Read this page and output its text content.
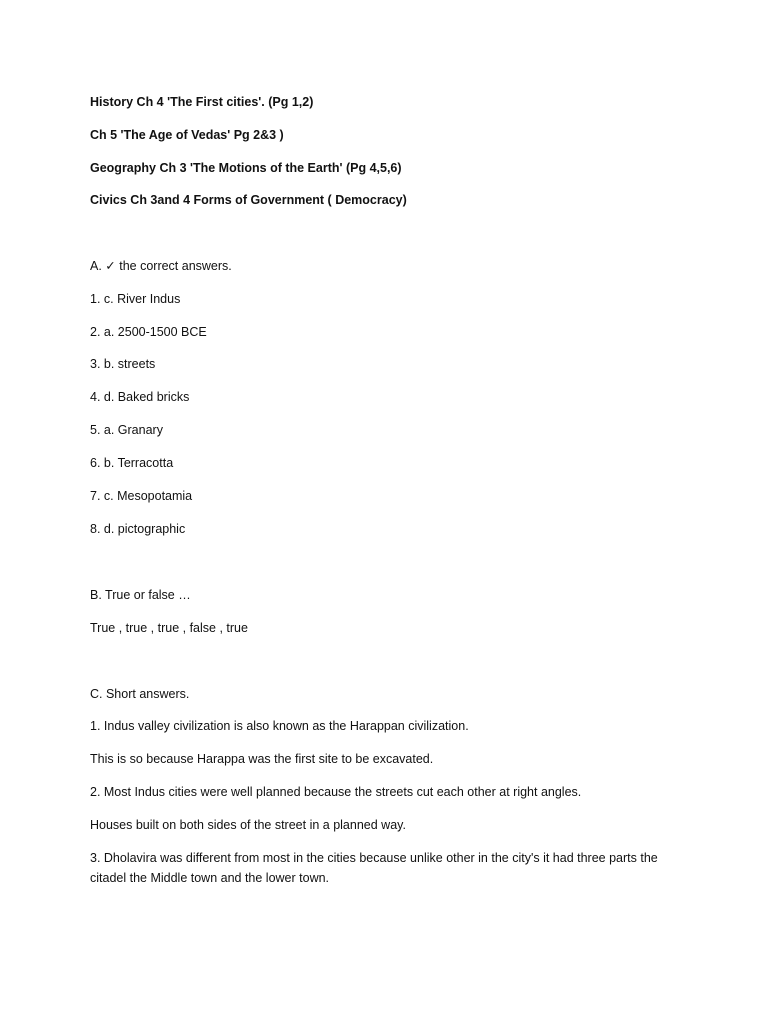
History Ch 4 'The First cities'. (Pg 1,2)
Ch 5 'The Age of Vedas' Pg 2&3 )
Geography Ch 3 'The Motions of the Earth' (Pg 4,5,6)
Civics Ch 3and 4 Forms of Government ( Democracy)
A. ✓ the correct answers.
1. c. River Indus
2. a. 2500-1500 BCE
3. b. streets
4. d. Baked bricks
5. a. Granary
6. b. Terracotta
7. c. Mesopotamia
8. d. pictographic
B. True or false …
True , true , true , false , true
C. Short answers.
1. Indus valley civilization is also known as the Harappan civilization.
This is so because Harappa was the first site to be excavated.
2. Most Indus cities were well planned because the streets cut each other at right angles.
Houses built on both sides of the street in a planned way.
3. Dholavira was different from most in the cities because unlike other in the city's it had three parts the citadel the Middle town and the lower town.
